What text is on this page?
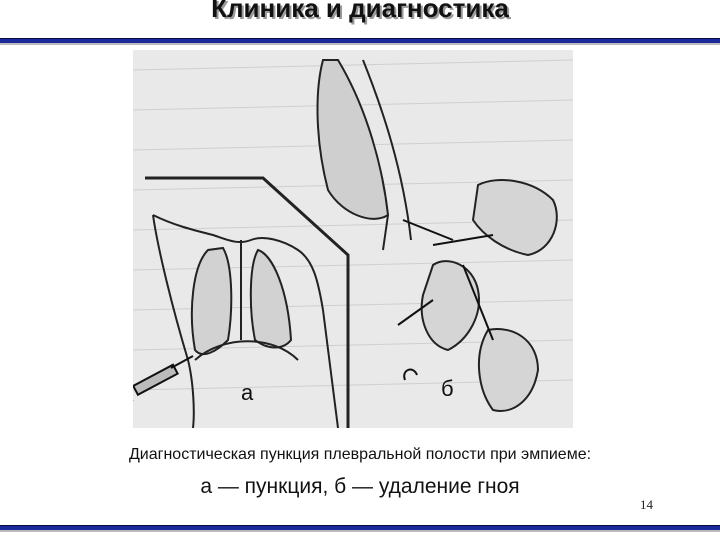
Клиника и диагностика
а	б
Диагностическая пункция плевральной полости при эмпиеме:
а — пункция, б — удаление гноя
14
